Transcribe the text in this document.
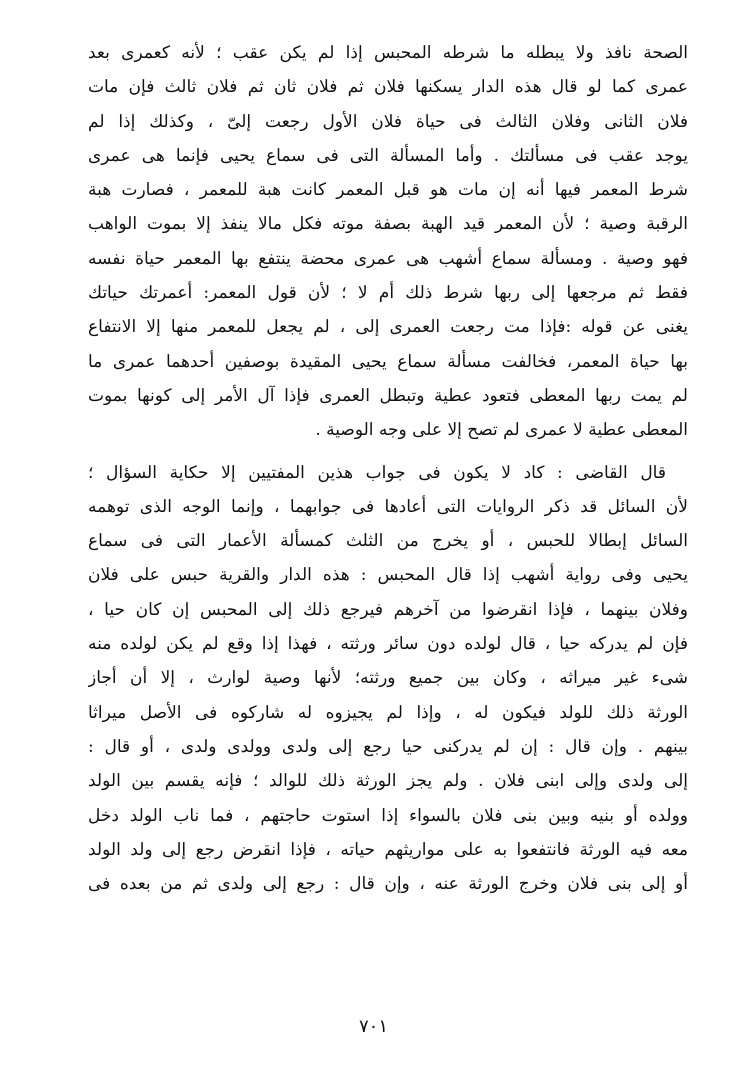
الصحة نافذ ولا يبطله ما شرطه المحبس إذا لم يكن عقب ؛ لأنه كعمرى بعد
عمرى كما لو قال هذه الدار يسكنها فلان ثم فلان ثان ثم فلان ثالث فإن مات
فلان الثانى وفلان الثالث فى حياة فلان الأول رجعت إلىّ ، وكذلك إذا لم
يوجد عقب فى مسألتك . وأما المسألة التى فى سماع يحيى فإنما هى عمرى
شرط المعمر فيها أنه إن مات هو قبل المعمر كانت هبة للمعمر ، فصارت هبة
الرقبة وصية ؛ لأن المعمر قيد الهبة بصفة موته فكل مالا ينفذ إلا بموت الواهب
فهو وصية . ومسألة سماع أشهب هى عمرى محضة ينتفع بها المعمر حياة نفسه
فقط ثم مرجعها إلى ربها شرط ذلك أم لا ؛ لأن قول المعمر: أعمرتك حياتك
يغنى عن قوله :فإذا مت رجعت العمرى إلى ، لم يجعل للمعمر منها إلا الانتفاع
بها حياة المعمر، فخالفت مسألة سماع يحيى المقيدة بوصفين أحدهما عمرى ما
لم يمت ربها المعطى فتعود عطية وتبطل العمرى فإذا آل الأمر إلى كونها بموت
المعطى عطية لا عمرى لم تصح إلا على وجه الوصية .
قال القاضى : كاد لا يكون فى جواب هذين المفتيين إلا حكاية السؤال ؛
لأن السائل قد ذكر الروايات التى أعادها فى جوابهما ، وإنما الوجه الذى توهمه
السائل إبطالا للحبس ، أو يخرج من الثلث كمسألة الأعمار التى فى سماع
يحيى وفى رواية أشهب إذا قال المحبس : هذه الدار والقرية حبس على فلان
وفلان بينهما ، فإذا انقرضوا من آخرهم فيرجع ذلك إلى المحبس إن كان حيا ،
فإن لم يدركه حيا ، قال لولده دون سائر ورثته ، فهذا إذا وقع لم يكن لولده منه
شىء غير ميراثه ، وكان بين جميع ورثته؛ لأنها وصية لوارث ، إلا أن أجاز
الورثة ذلك للولد فيكون له ، وإذا لم يجيزوه له شاركوه فى الأصل ميراثا
بينهم . وإن قال : إن لم يدركنى حيا رجع إلى ولدى وولدى ولدى ، أو قال :
إلى ولدى وإلى ابنى فلان . ولم يجز الورثة ذلك للوالد ؛ فإنه يقسم بين الولد
وولده أو بنيه وبين بنى فلان بالسواء إذا استوت حاجتهم ، فما ناب الولد دخل
معه فيه الورثة فانتفعوا به على مواريثهم حياته ، فإذا انقرض رجع إلى ولد الولد
أو إلى بنى فلان وخرج الورثة عنه ، وإن قال : رجع إلى ولدى ثم من بعده فى
٧٠١
